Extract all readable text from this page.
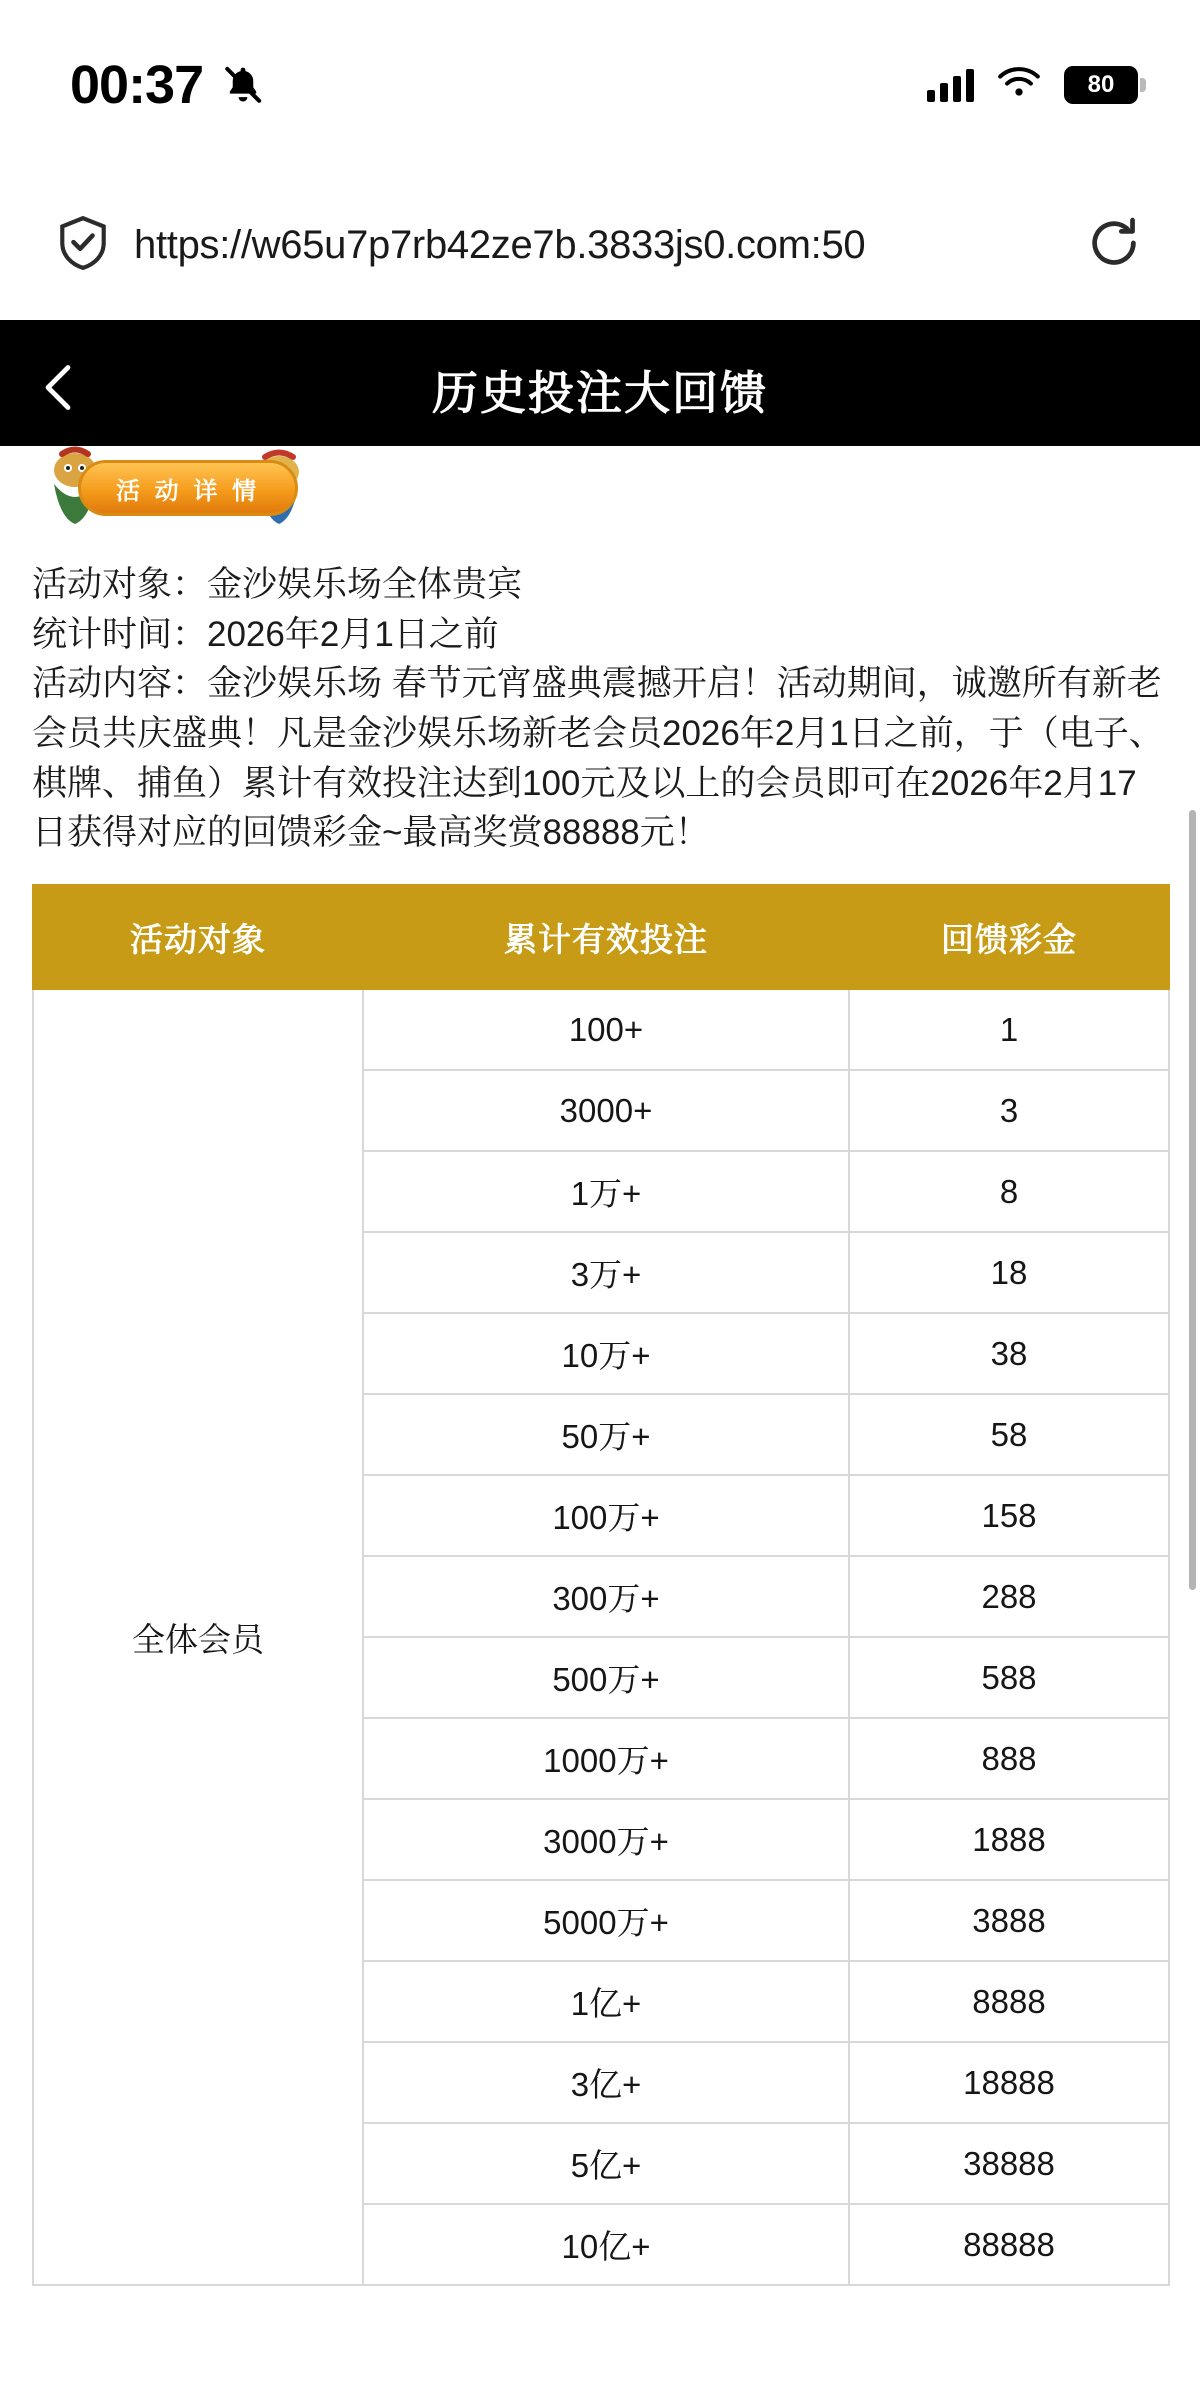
00:37	80
https://w65u7p7rb42ze7b.3833js0.com:50
历史投注大回馈
活 动 详 情
活动对象：金沙娱乐场全体贵宾
统计时间：2026年2月1日之前
活动内容：金沙娱乐场 春节元宵盛典震撼开启！活动期间，诚邀所有新老会员共庆盛典！凡是金沙娱乐场新老会员2026年2月1日之前，于（电子、棋牌、捕鱼）累计有效投注达到100元及以上的会员即可在2026年2月17日获得对应的回馈彩金~最高奖赏88888元！
活动对象	累计有效投注	回馈彩金
全体会员	100+	1
	3000+	3
	1万+	8
	3万+	18
	10万+	38
	50万+	58
	100万+	158
	300万+	288
	500万+	588
	1000万+	888
	3000万+	1888
	5000万+	3888
	1亿+	8888
	3亿+	18888
	5亿+	38888
	10亿+	88888
